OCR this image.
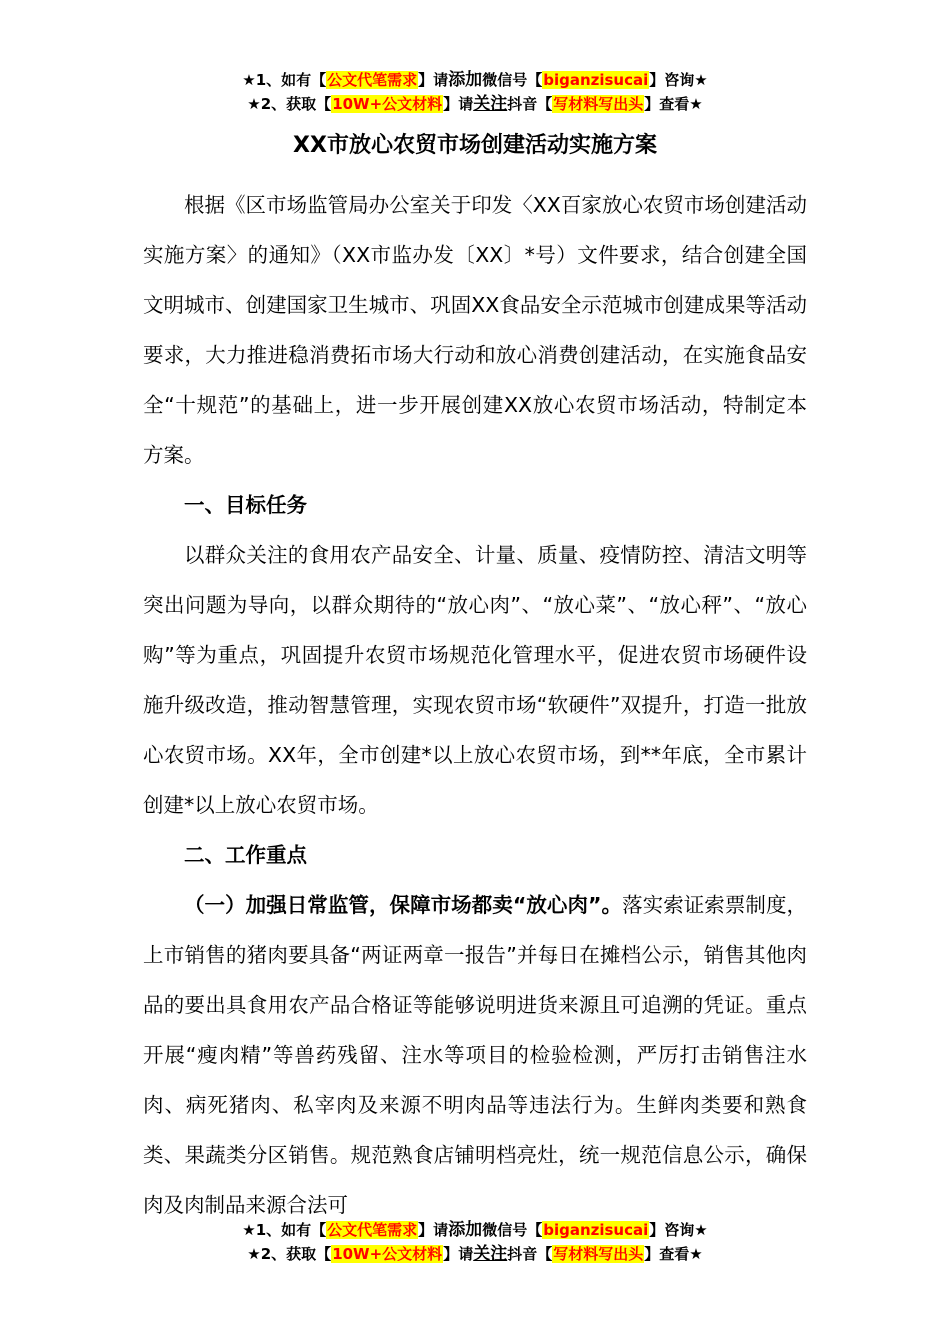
★1、如有【公文代笔需求】请添加微信号【biganzisucai】咨询★
★2、获取【10W+公文材料】请关注抖音【写材料写出头】查看★
XX市放心农贸市场创建活动实施方案

根据《区市场监管局办公室关于印发〈XX百家放心农贸市场创建活动实施方案〉的通知》（XX市监办发〔XX〕*号）文件要求，结合创建全国文明城市、创建国家卫生城市、巩固XX食品安全示范城市创建成果等活动要求，大力推进稳消费拓市场大行动和放心消费创建活动，在实施食品安全“十规范”的基础上，进一步开展创建XX放心农贸市场活动，特制定本方案。

一、目标任务

以群众关注的食用农产品安全、计量、质量、疫情防控、清洁文明等突出问题为导向，以群众期待的“放心肉”、“放心菜”、“放心秤”、“放心购”等为重点，巩固提升农贸市场规范化管理水平，促进农贸市场硬件设施升级改造，推动智慧管理，实现农贸市场“软硬件”双提升，打造一批放心农贸市场。XX年，全市创建*以上放心农贸市场，到**年底，全市累计创建*以上放心农贸市场。

二、工作重点

（一）加强日常监管，保障市场都卖“放心肉”。落实索证索票制度，上市销售的猪肉要具备“两证两章一报告”并每日在摊档公示，销售其他肉品的要出具食用农产品合格证等能够说明进货来源且可追溯的凭证。重点开展“瘦肉精”等兽药残留、注水等项目的检验检测，严厉打击销售注水肉、病死猪肉、私宰肉及来源不明肉品等违法行为。生鲜肉类要和熟食类、果蔬类分区销售。规范熟食店铺明档亮灶，统一规范信息公示，确保肉及肉制品来源合法可

★1、如有【公文代笔需求】请添加微信号【biganzisucai】咨询★
★2、获取【10W+公文材料】请关注抖音【写材料写出头】查看★
